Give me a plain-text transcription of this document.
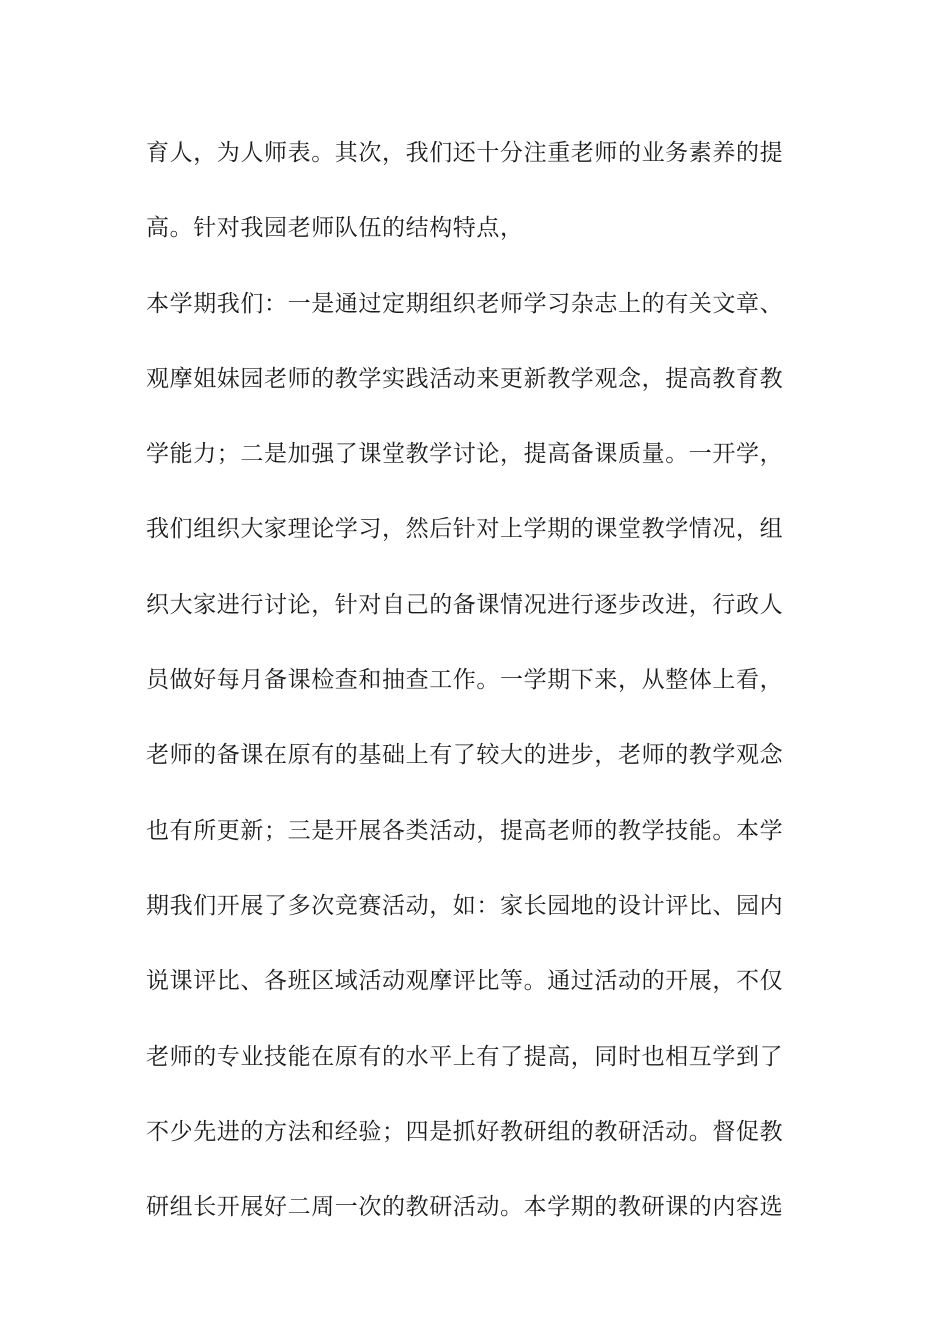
育人，为人师表。其次，我们还十分注重老师的业务素养的提
高。针对我园老师队伍的结构特点，
本学期我们：一是通过定期组织老师学习杂志上的有关文章、
观摩姐妹园老师的教学实践活动来更新教学观念，提高教育教
学能力；二是加强了课堂教学讨论，提高备课质量。一开学，
我们组织大家理论学习，然后针对上学期的课堂教学情况，组
织大家进行讨论，针对自己的备课情况进行逐步改进，行政人
员做好每月备课检查和抽查工作。一学期下来，从整体上看，
老师的备课在原有的基础上有了较大的进步，老师的教学观念
也有所更新；三是开展各类活动，提高老师的教学技能。本学
期我们开展了多次竞赛活动，如：家长园地的设计评比、园内
说课评比、各班区域活动观摩评比等。通过活动的开展，不仅
老师的专业技能在原有的水平上有了提高，同时也相互学到了
不少先进的方法和经验；四是抓好教研组的教研活动。督促教
研组长开展好二周一次的教研活动。本学期的教研课的内容选
